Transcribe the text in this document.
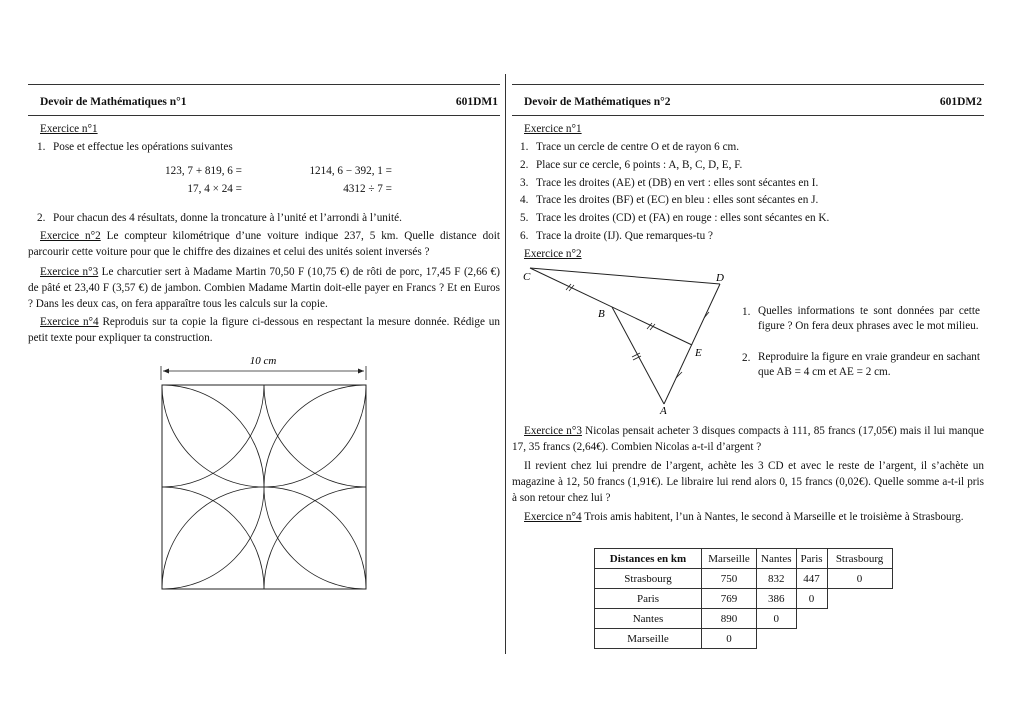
Devoir de Mathématiques n°1	601DM1
Exercice n°1
1. Pose et effectue les opérations suivantes
123, 7 + 819, 6 =	1214, 6 − 392, 1 =
17, 4 × 24 =	4312 ÷ 7 =
2. Pour chacun des 4 résultats, donne la troncature à l’unité et l’arrondi à l’unité.
Exercice n°2 Le compteur kilométrique d’une voiture indique 237, 5 km. Quelle distance doit parcourir cette voiture pour que le chiffre des dizaines et celui des unités soient inversés ?
Exercice n°3 Le charcutier sert à Madame Martin 70,50 F (10,75 €) de rôti de porc, 17,45 F (2,66 €) de pâté et 23,40 F (3,57 €) de jambon. Combien Madame Martin doit-elle payer en Francs ? Et en Euros ? Dans les deux cas, on fera apparaître tous les calculs sur la copie.
Exercice n°4 Reproduis sur ta copie la figure ci-dessous en respectant la mesure donnée. Rédige un petit texte pour expliquer ta construction.
10 cm
Devoir de Mathématiques n°2	601DM2
Exercice n°1
1. Trace un cercle de centre O et de rayon 6 cm.
2. Place sur ce cercle, 6 points : A, B, C, D, E, F.
3. Trace les droites (AE) et (DB) en vert : elles sont sécantes en I.
4. Trace les droites (BF) et (EC) en bleu : elles sont sécantes en J.
5. Trace les droites (CD) et (FA) en rouge : elles sont sécantes en K.
6. Trace la droite (IJ). Que remarques-tu ?
Exercice n°2
C	D
B
E
A
1. Quelles informations te sont données par cette figure ? On fera deux phrases avec le mot milieu.
2. Reproduire la figure en vraie grandeur en sachant que AB = 4 cm et AE = 2 cm.
Exercice n°3 Nicolas pensait acheter 3 disques compacts à 111, 85 francs (17,05€) mais il lui manque 17, 35 francs (2,64€). Combien Nicolas a-t-il d’argent ?
Il revient chez lui prendre de l’argent, achète les 3 CD et avec le reste de l’argent, il s’achète un magazine à 12, 50 francs (1,91€). Le libraire lui rend alors 0, 15 francs (0,02€). Quelle somme a-t-il pris à son retour chez lui ?
Exercice n°4 Trois amis habitent, l’un à Nantes, le second à Marseille et le troisième à Strasbourg.
Distances en km	Marseille	Nantes	Paris	Strasbourg
Strasbourg	750	832	447	0
Paris	769	386	0	
Nantes	890	0		
Marseille	0			
